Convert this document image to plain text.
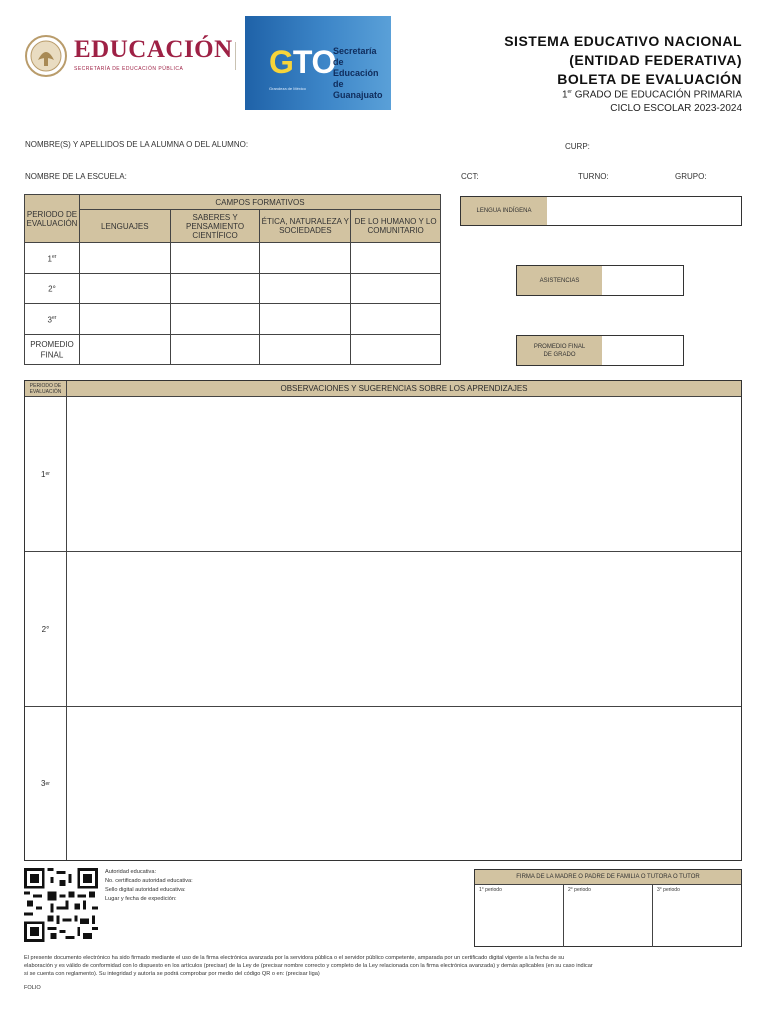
EDUCACIÓN
SECRETARÍA DE EDUCACIÓN PÚBLICA	GTO
Secretaría
de Educación
de Guanajuato
Grandeza de México
SISTEMA EDUCATIVO NACIONAL
(ENTIDAD FEDERATIVA)
BOLETA DE EVALUACIÓN
1er GRADO DE EDUCACIÓN PRIMARIA
CICLO ESCOLAR 2023-2024
NOMBRE(S) Y APELLIDOS DE LA ALUMNA O DEL ALUMNO:	CURP:
NOMBRE DE LA ESCUELA:	CCT:	TURNO:	GRUPO:
PERIODO DE EVALUACIÓN	CAMPOS FORMATIVOS			
	LENGUAJES	SABERES Y PENSAMIENTO CIENTÍFICO	ÉTICA, NATURALEZA Y SOCIEDADES	DE LO HUMANO Y LO COMUNITARIO
1er				
2°				
3er				
PROMEDIO FINAL				
LENGUA INDÍGENA
ASISTENCIAS
PROMEDIO FINAL DE GRADO
PERIODO DE EVALUACIÓN	OBSERVACIONES Y SUGERENCIAS SOBRE LOS APRENDIZAJES
1 er
2°
3 er
Autoridad educativa:
No. certificado autoridad educativa:
Sello digital autoridad educativa:
Lugar y fecha de expedición:
FIRMA DE LA MADRE O PADRE DE FAMILIA O TUTORA O TUTOR
1° periodo	2° periodo	3° periodo
El presente documento electrónico ha sido firmado mediante el uso de la firma electrónica avanzada por la servidora pública o el servidor público competente, amparada por un certificado digital vigente a la fecha de su
elaboración y es válido de conformidad con lo dispuesto en los artículos (precisar) de la Ley de (precisar nombre correcto y completo de la Ley relacionada con la firma electrónica avanzada) y demás aplicables (en su caso indicar
si se cuenta con reglamento). Su integridad y autoría se podrá comprobar por medio del código QR o en: (precisar liga)
FOLIO
